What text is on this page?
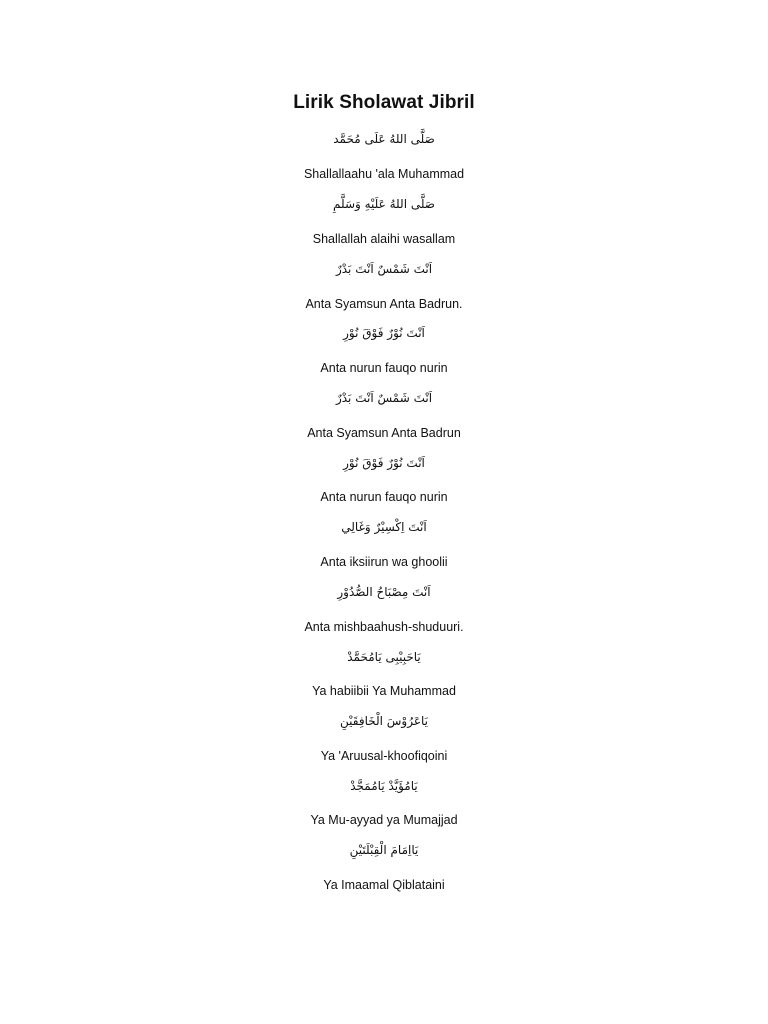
Lirik Sholawat Jibril
صَلَّى اللهُ عَلَى مُحَمَّد
Shallallaahu 'ala Muhammad
صَلَّى اللهُ عَلَيْهِ وَسَلَّمِ
Shallallah alaihi wasallam
اَنْتَ شَمْسٌ اَنْتَ بَدْرٌ
Anta Syamsun Anta Badrun.
اَنْتَ نُوْرٌ فَوْقَ نُوْرِ
Anta nurun fauqo nurin
اَنْتَ شَمْسٌ اَنْتَ بَدْرٌ
Anta Syamsun Anta Badrun
اَنْتَ نُوْرٌ فَوْقَ نُوْرِ
Anta nurun fauqo nurin
اَنْتَ اِكْسِيْرٌ وَغَالِي
Anta iksiirun wa ghoolii
اَنْتَ مِصْبَاحُ الصُّدُوْرِ
Anta mishbaahush-shuduuri.
يَاحَبِيْبِى يَامُحَمَّدْ
Ya habiibii Ya Muhammad
يَاعَرُوْسَ الْخَافِقَيْنِ
Ya 'Aruusal-khoofiqoini
يَامُؤَيَّدْ يَامُمَجَّدْ
Ya Mu-ayyad ya Mumajjad
يَااِمَامَ الْقِبْلَتَيْنِ
Ya Imaamal Qiblataini
